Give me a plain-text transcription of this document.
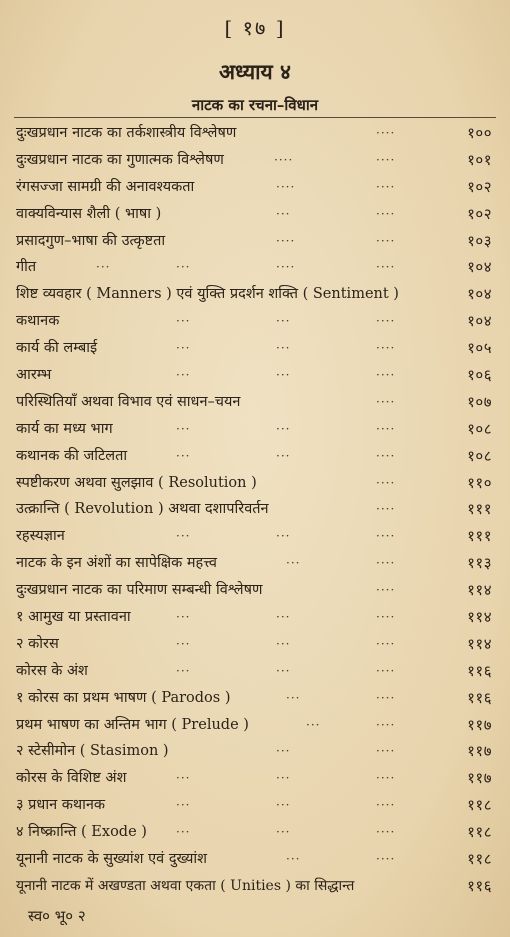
[ १७ ]
अध्याय ४
नाटक का रचना–विधान
दुःखप्रधान नाटक का तर्कशास्त्रीय विश्लेषण	····	१००
दुःखप्रधान नाटक का गुणात्मक विश्लेषण	····	····	१०१
रंगसज्जा सामग्री की अनावश्यकता	····	····	१०२
वाक्यविन्यास शैली ( भाषा )	···	····	१०२
प्रसादगुण–भाषा की उत्कृष्टता	····	····	१०३
गीत	···	···	····	····	१०४
शिष्ट व्यवहार ( Manners ) एवं युक्ति प्रदर्शन शक्ति ( Sentiment )	१०४
कथानक	···	···	····	१०४
कार्य की लम्बाई	···	···	····	१०५
आरम्भ	···	···	····	१०६
परिस्थितियाँ अथवा विभाव एवं साधन–चयन	····	१०७
कार्य का मध्य भाग	···	···	····	१०८
कथानक की जटिलता	···	···	····	१०८
स्पष्टीकरण अथवा सुलझाव ( Resolution )	····	११०
उत्क्रान्ति ( Revolution ) अथवा दशापरिवर्तन	····	१११
रहस्यज्ञान	···	···	····	१११
नाटक के इन अंशों का सापेक्षिक महत्त्व	···	····	११३
दुःखप्रधान नाटक का परिमाण सम्बन्धी विश्लेषण	····	११४
१ आमुख या प्रस्तावना	···	···	····	११४
२ कोरस	···	···	····	११४
कोरस के अंश	···	···	····	११६
१ कोरस का प्रथम भाषण ( Parodos )	···	····	११६
प्रथम भाषण का अन्तिम भाग ( Prelude )	···	····	११७
२ स्टेसीमोन ( Stasimon )	···	····	११७
कोरस के विशिष्ट अंश	···	···	····	११७
३ प्रधान कथानक	···	···	····	११८
४ निष्क्रान्ति ( Exode ) ···	···	····	११८
यूनानी नाटक के सुख्यांश एवं दुख्यांश	···	····	११८
यूनानी नाटक में अखण्डता अथवा एकता ( Unities ) का सिद्धान्त	११६
स्व० भू० २
